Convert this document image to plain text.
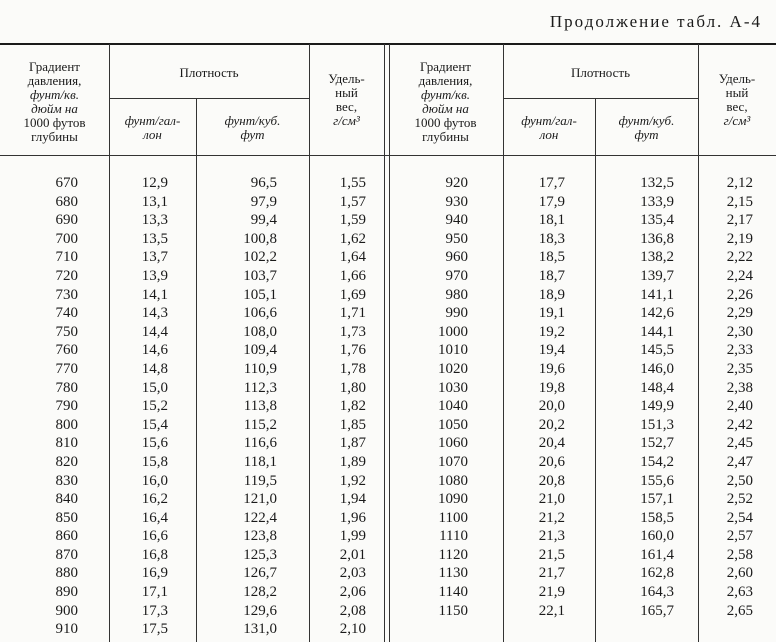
Продолжение табл. А-4
Градиент
давления,
фунт/кв.
дюйм на
1000 футов
глубины
Плотность
фунт/гал-
лон
фунт/куб.
фут
Удель-
ный
вес,
г/см³
Градиент
давления,
фунт/кв.
дюйм на
1000 футов
глубины
Плотность
фунт/гал-
лон
фунт/куб.
фут
Удель-
ный
вес,
г/см³
670
680
690
700
710
720
730
740
750
760
770
780
790
800
810
820
830
840
850
860
870
880
890
900
910
12,9
13,1
13,3
13,5
13,7
13,9
14,1
14,3
14,4
14,6
14,8
15,0
15,2
15,4
15,6
15,8
16,0
16,2
16,4
16,6
16,8
16,9
17,1
17,3
17,5
96,5
97,9
99,4
100,8
102,2
103,7
105,1
106,6
108,0
109,4
110,9
112,3
113,8
115,2
116,6
118,1
119,5
121,0
122,4
123,8
125,3
126,7
128,2
129,6
131,0
1,55
1,57
1,59
1,62
1,64
1,66
1,69
1,71
1,73
1,76
1,78
1,80
1,82
1,85
1,87
1,89
1,92
1,94
1,96
1,99
2,01
2,03
2,06
2,08
2,10
920
930
940
950
960
970
980
990
1000
1010
1020
1030
1040
1050
1060
1070
1080
1090
1100
1110
1120
1130
1140
1150
17,7
17,9
18,1
18,3
18,5
18,7
18,9
19,1
19,2
19,4
19,6
19,8
20,0
20,2
20,4
20,6
20,8
21,0
21,2
21,3
21,5
21,7
21,9
22,1
132,5
133,9
135,4
136,8
138,2
139,7
141,1
142,6
144,1
145,5
146,0
148,4
149,9
151,3
152,7
154,2
155,6
157,1
158,5
160,0
161,4
162,8
164,3
165,7
2,12
2,15
2,17
2,19
2,22
2,24
2,26
2,29
2,30
2,33
2,35
2,38
2,40
2,42
2,45
2,47
2,50
2,52
2,54
2,57
2,58
2,60
2,63
2,65
